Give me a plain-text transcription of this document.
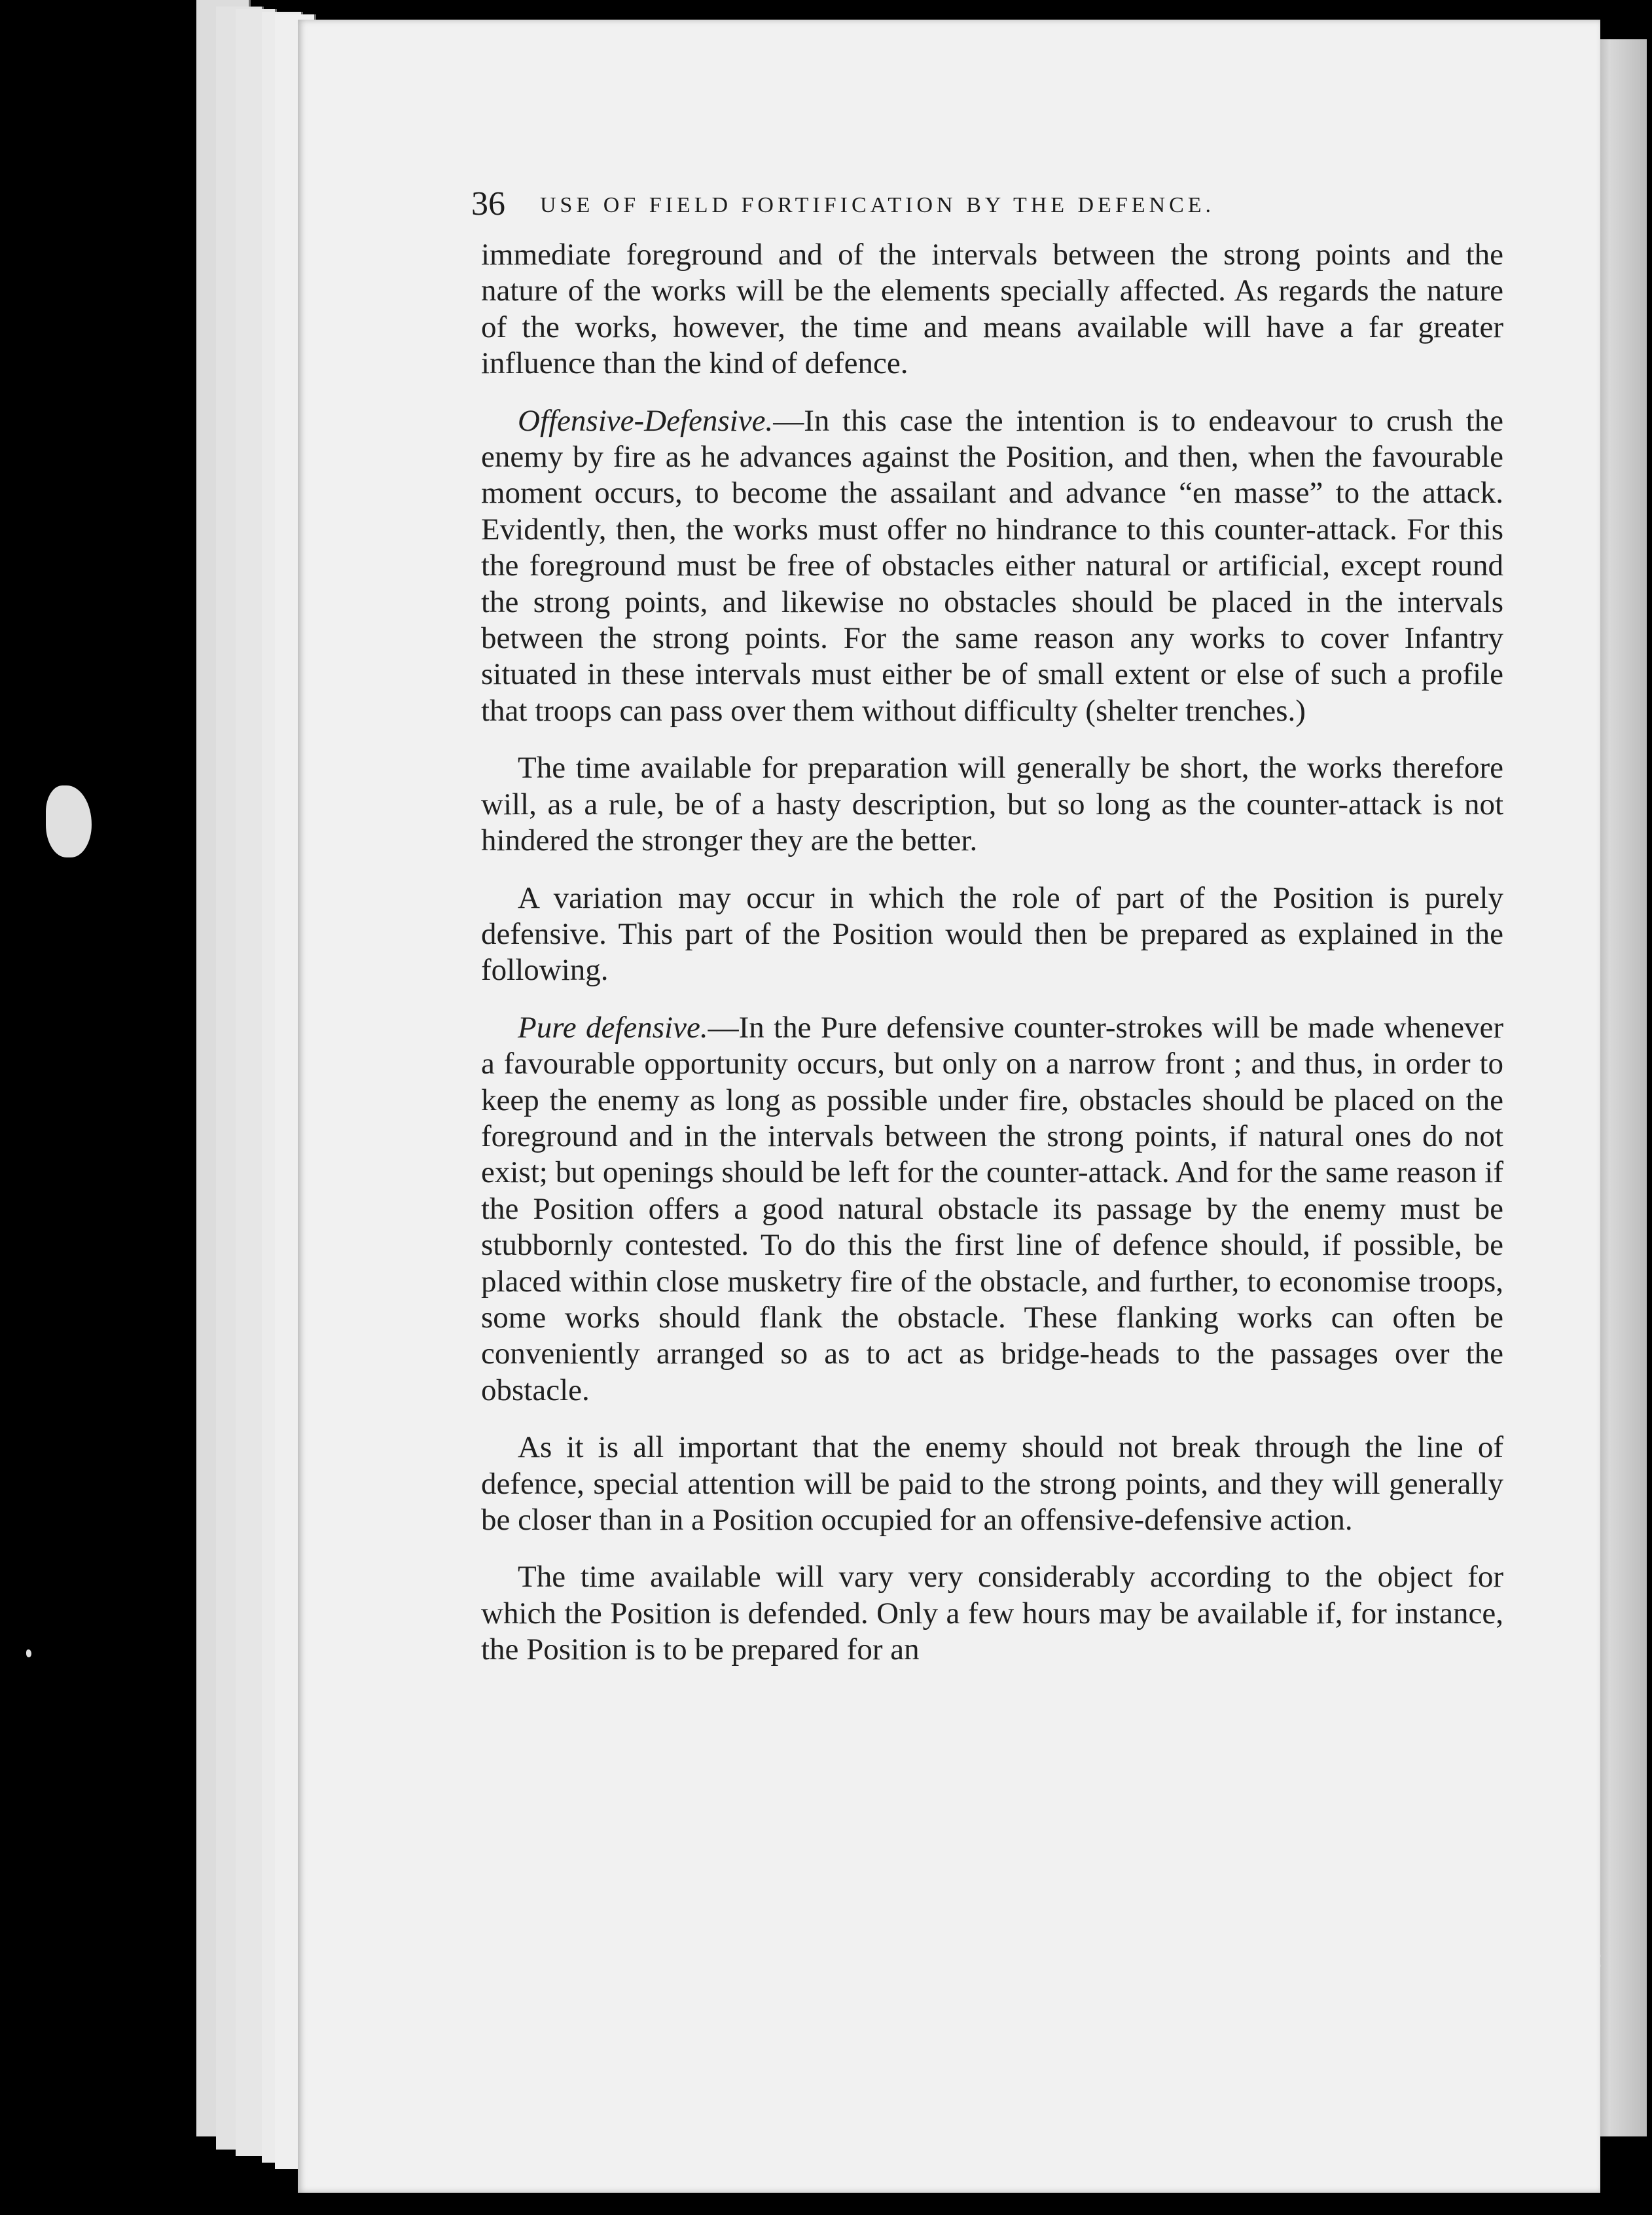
36 USE OF FIELD FORTIFICATION BY THE DEFENCE.

immediate foreground and of the intervals between the strong points and the nature of the works will be the elements specially affected. As regards the nature of the works, however, the time and means available will have a far greater influence than the kind of defence.

Offensive-Defensive.—In this case the intention is to endeavour to crush the enemy by fire as he advances against the Position, and then, when the favourable moment occurs, to become the assailant and advance “en masse” to the attack. Evidently, then, the works must offer no hindrance to this counter-attack. For this the foreground must be free of obstacles either natural or artificial, except round the strong points, and likewise no obstacles should be placed in the intervals between the strong points. For the same reason any works to cover Infantry situated in these intervals must either be of small extent or else of such a profile that troops can pass over them without difficulty (shelter trenches.)

The time available for preparation will generally be short, the works therefore will, as a rule, be of a hasty description, but so long as the counter-attack is not hindered the stronger they are the better.

A variation may occur in which the role of part of the Position is purely defensive. This part of the Position would then be prepared as explained in the following.

Pure defensive.—In the Pure defensive counter-strokes will be made whenever a favourable opportunity occurs, but only on a narrow front ; and thus, in order to keep the enemy as long as possible under fire, obstacles should be placed on the foreground and in the intervals between the strong points, if natural ones do not exist; but openings should be left for the counter-attack. And for the same reason if the Position offers a good natural obstacle its passage by the enemy must be stubbornly contested. To do this the first line of defence should, if possible, be placed within close musketry fire of the obstacle, and further, to economise troops, some works should flank the obstacle. These flanking works can often be conveniently arranged so as to act as bridge-heads to the passages over the obstacle.

As it is all important that the enemy should not break through the line of defence, special attention will be paid to the strong points, and they will generally be closer than in a Position occupied for an offensive-defensive action.

The time available will vary very considerably according to the object for which the Position is defended. Only a few hours may be available if, for instance, the Position is to be prepared for an
